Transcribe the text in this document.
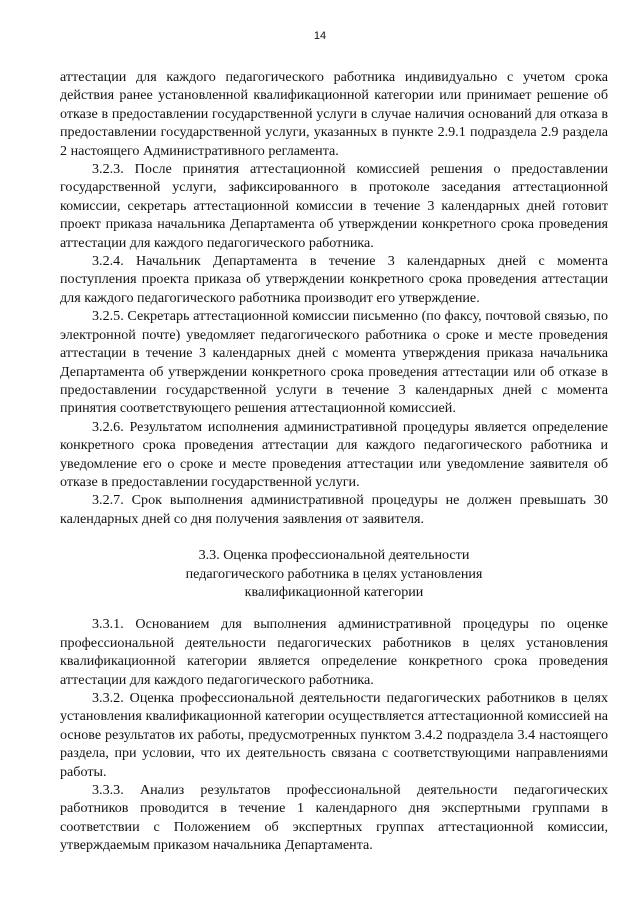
14

аттестации для каждого педагогического работника индивидуально с учетом срока действия ранее установленной квалификационной категории или принимает решение об отказе в предоставлении государственной услуги в случае наличия оснований для отказа в предоставлении государственной услуги, указанных в пункте 2.9.1 подраздела 2.9 раздела 2 настоящего Административного регламента.

3.2.3. После принятия аттестационной комиссией решения о предоставлении государственной услуги, зафиксированного в протоколе заседания аттестационной комиссии, секретарь аттестационной комиссии в течение 3 календарных дней готовит проект приказа начальника Департамента об утверждении конкретного срока проведения аттестации для каждого педагогического работника.

3.2.4. Начальник Департамента в течение 3 календарных дней с момента поступления проекта приказа об утверждении конкретного срока проведения аттестации для каждого педагогического работника производит его утверждение.

3.2.5. Секретарь аттестационной комиссии письменно (по факсу, почтовой связью, по электронной почте) уведомляет педагогического работника о сроке и месте проведения аттестации в течение 3 календарных дней с момента утверждения приказа начальника Департамента об утверждении конкретного срока проведения аттестации или об отказе в предоставлении государственной услуги в течение 3 календарных дней с момента принятия соответствующего решения аттестационной комиссией.

3.2.6. Результатом исполнения административной процедуры является определение конкретного срока проведения аттестации для каждого педагогического работника и уведомление его о сроке и месте проведения аттестации или уведомление заявителя об отказе в предоставлении государственной услуги.

3.2.7. Срок выполнения административной процедуры не должен превышать 30 календарных дней со дня получения заявления от заявителя.

3.3. Оценка профессиональной деятельности
педагогического работника в целях установления
квалификационной категории

3.3.1. Основанием для выполнения административной процедуры по оценке профессиональной деятельности педагогических работников в целях установления квалификационной категории является определение конкретного срока проведения аттестации для каждого педагогического работника.

3.3.2. Оценка профессиональной деятельности педагогических работников в целях установления квалификационной категории осуществляется аттестационной комиссией на основе результатов их работы, предусмотренных пунктом 3.4.2 подраздела 3.4 настоящего раздела, при условии, что их деятельность связана с соответствующими направлениями работы.

3.3.3. Анализ результатов профессиональной деятельности педагогических работников проводится в течение 1 календарного дня экспертными группами в соответствии с Положением об экспертных группах аттестационной комиссии, утверждаемым приказом начальника Департамента.
